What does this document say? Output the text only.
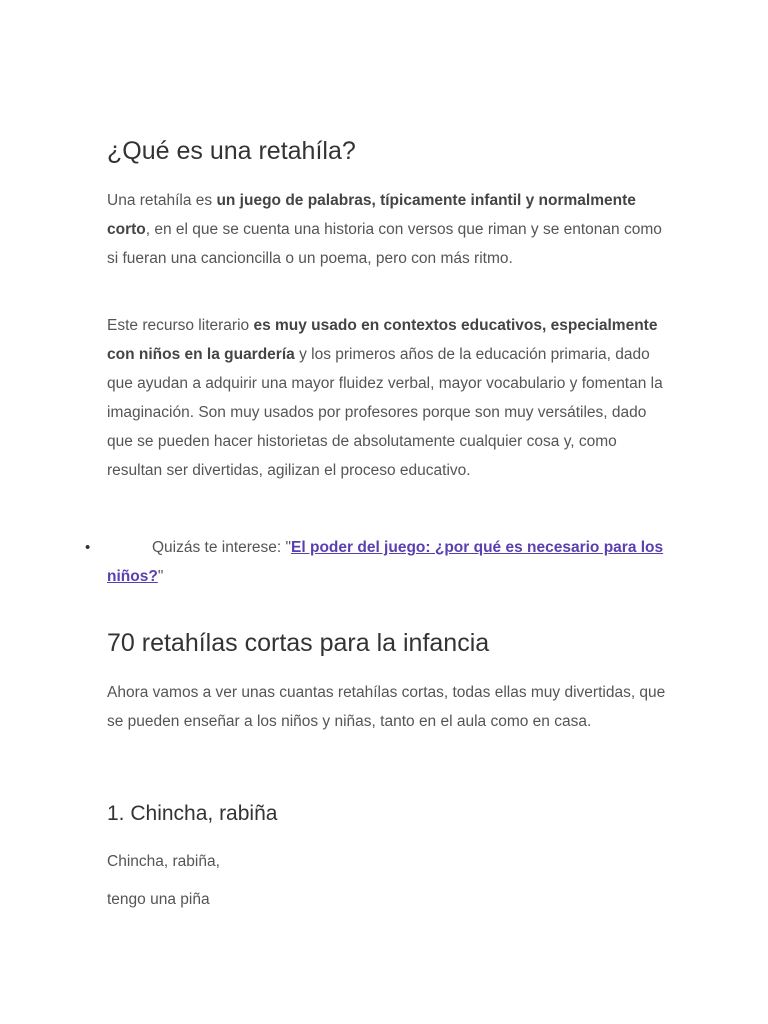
¿Qué es una retahíla?

Una retahíla es un juego de palabras, típicamente infantil y normalmente corto, en el que se cuenta una historia con versos que riman y se entonan como si fueran una cancioncilla o un poema, pero con más ritmo.

Este recurso literario es muy usado en contextos educativos, especialmente con niños en la guardería y los primeros años de la educación primaria, dado que ayudan a adquirir una mayor fluidez verbal, mayor vocabulario y fomentan la imaginación. Son muy usados por profesores porque son muy versátiles, dado que se pueden hacer historietas de absolutamente cualquier cosa y, como resultan ser divertidas, agilizan el proceso educativo.

•	Quizás te interese: "El poder del juego: ¿por qué es necesario para los niños?"
70 retahílas cortas para la infancia

Ahora vamos a ver unas cuantas retahílas cortas, todas ellas muy divertidas, que se pueden enseñar a los niños y niñas, tanto en el aula como en casa.

1. Chincha, rabiña

Chincha, rabiña,

tengo una piña
